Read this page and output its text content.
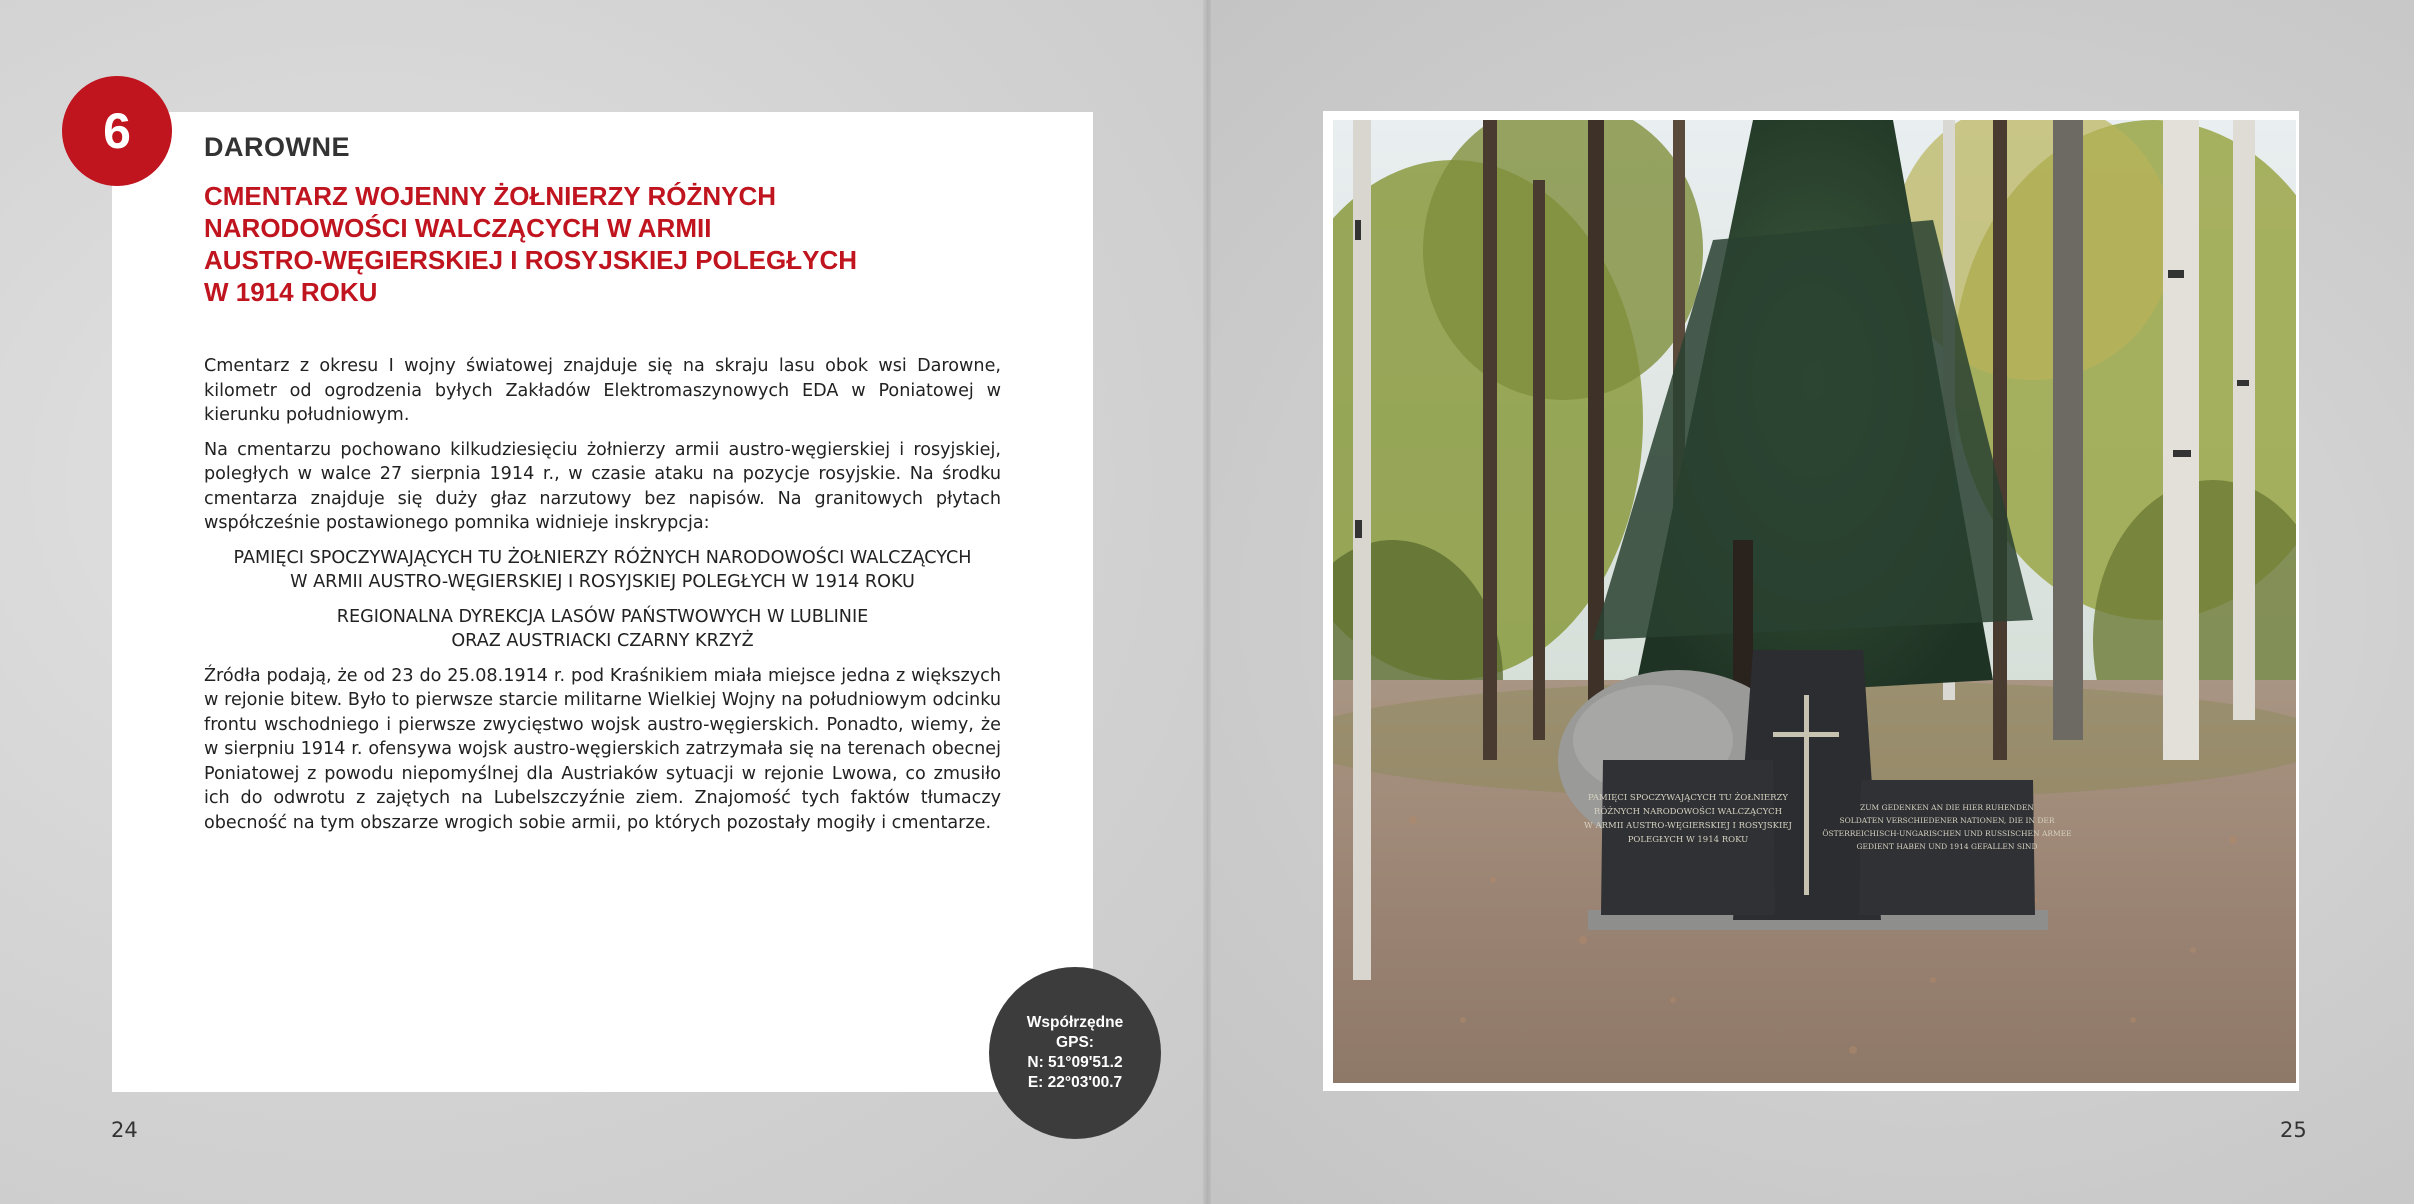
6	DAROWNE
CMENTARZ WOJENNY ŻOŁNIERZY RÓŻNYCH
NARODOWOŚCI WALCZĄCYCH W ARMII
AUSTRO-WĘGIERSKIEJ I ROSYJSKIEJ POLEGŁYCH
W 1914 ROKU

Cmentarz z okresu I wojny światowej znajduje się na skraju lasu obok wsi Darowne, kilometr od ogrodzenia byłych Zakładów Elektromaszynowych EDA w Poniatowej w kierunku południowym.

Na cmentarzu pochowano kilkudziesięciu żołnierzy armii austro-węgierskiej i rosyjskiej, poległych w walce 27 sierpnia 1914 r., w czasie ataku na pozycje rosyjskie. Na środku cmentarza znajduje się duży głaz narzutowy bez napisów. Na granitowych płytach współcześnie postawionego pomnika widnieje inskrypcja:

PAMIĘCI SPOCZYWAJĄCYCH TU ŻOŁNIERZY RÓŻNYCH NARODOWOŚCI WALCZĄCYCH
W ARMII AUSTRO-WĘGIERSKIEJ I ROSYJSKIEJ POLEGŁYCH W 1914 ROKU

REGIONALNA DYREKCJA LASÓW PAŃSTWOWYCH W LUBLINIE
ORAZ AUSTRIACKI CZARNY KRZYŻ

Źródła podają, że od 23 do 25.08.1914 r. pod Kraśnikiem miała miejsce jedna z większych w rejonie bitew. Było to pierwsze starcie militarne Wielkiej Wojny na południowym odcinku frontu wschodniego i pierwsze zwycięstwo wojsk austro-węgierskich. Ponadto, wiemy, że w sierpniu 1914 r. ofensywa wojsk austro-węgierskich zatrzymała się na terenach obecnej Poniatowej z powodu niepomyślnej dla Austriaków sytuacji w rejonie Lwowa, co zmusiło ich do odwrotu z zajętych na Lubelszczyźnie ziem. Znajomość tych faktów tłumaczy obecność na tym obszarze wrogich sobie armii, po których pozostały mogiły i cmentarze.

Współrzędne
GPS:
N: 51°09'51.2
E: 22°03'00.7
24
PAMIĘCI SPOCZYWAJĄCYCH TU ŻOŁNIERZY
RÓŻNYCH NARODOWOŚCI WALCZĄCYCH
W ARMII AUSTRO-WĘGIERSKIEJ I ROSYJSKIEJ
POLEGŁYCH W 1914 ROKU
ZUM GEDENKEN AN DIE HIER RUHENDEN
SOLDATEN VERSCHIEDENER NATIONEN, DIE IN DER
ÖSTERREICHISCH-UNGARISCHEN UND RUSSISCHEN ARMEE
GEDIENT HABEN UND 1914 GEFALLEN SIND
25
